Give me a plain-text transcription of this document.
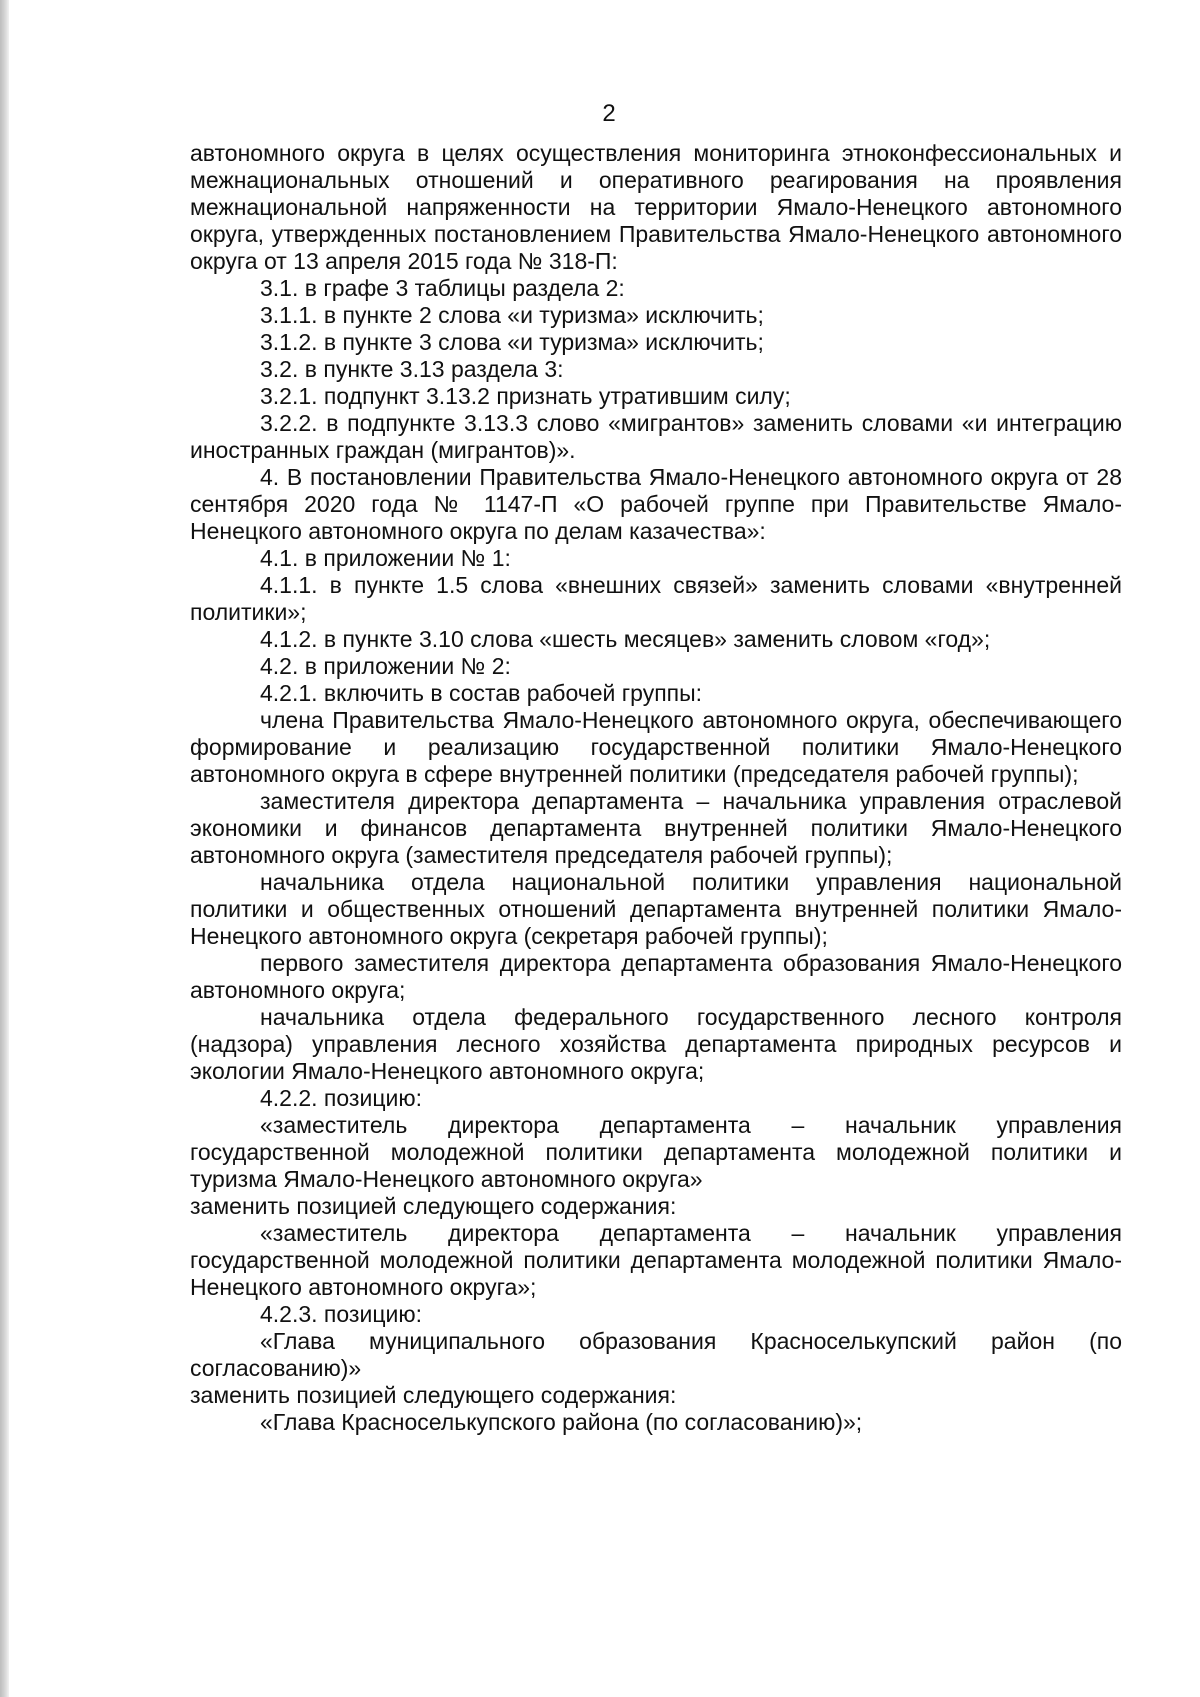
2

автономного округа в целях осуществления мониторинга этноконфессиональных и межнациональных отношений и оперативного реагирования на проявления межнациональной напряженности на территории Ямало-Ненецкого автономного округа, утвержденных постановлением Правительства Ямало-Ненецкого автономного округа от 13 апреля 2015 года № 318-П:

3.1. в графе 3 таблицы раздела 2:

3.1.1. в пункте 2 слова «и туризма» исключить;

3.1.2. в пункте 3 слова «и туризма» исключить;

3.2. в пункте 3.13 раздела 3:

3.2.1. подпункт 3.13.2 признать утратившим силу;

3.2.2. в подпункте 3.13.3 слово «мигрантов» заменить словами «и интеграцию иностранных граждан (мигрантов)».

4. В постановлении Правительства Ямало-Ненецкого автономного округа от 28 сентября 2020 года № 1147-П «О рабочей группе при Правительстве Ямало-Ненецкого автономного округа по делам казачества»:

4.1. в приложении № 1:

4.1.1. в пункте 1.5 слова «внешних связей» заменить словами «внутренней политики»;

4.1.2. в пункте 3.10 слова «шесть месяцев» заменить словом «год»;

4.2. в приложении № 2:

4.2.1. включить в состав рабочей группы:

члена Правительства Ямало-Ненецкого автономного округа, обеспечивающего формирование и реализацию государственной политики Ямало-Ненецкого автономного округа в сфере внутренней политики (председателя рабочей группы);

заместителя директора департамента – начальника управления отраслевой экономики и финансов департамента внутренней политики Ямало-Ненецкого автономного округа (заместителя председателя рабочей группы);

начальника отдела национальной политики управления национальной политики и общественных отношений департамента внутренней политики Ямало-Ненецкого автономного округа (секретаря рабочей группы);

первого заместителя директора департамента образования Ямало-Ненецкого автономного округа;

начальника отдела федерального государственного лесного контроля (надзора) управления лесного хозяйства департамента природных ресурсов и экологии Ямало-Ненецкого автономного округа;

4.2.2. позицию:

«заместитель директора департамента – начальник управления государственной молодежной политики департамента молодежной политики и туризма Ямало-Ненецкого автономного округа»

заменить позицией следующего содержания:

«заместитель директора департамента – начальник управления государственной молодежной политики департамента молодежной политики Ямало-Ненецкого автономного округа»;

4.2.3. позицию:

«Глава муниципального образования Красноселькупский район (по согласованию)»

заменить позицией следующего содержания:

«Глава Красноселькупского района (по согласованию)»;
